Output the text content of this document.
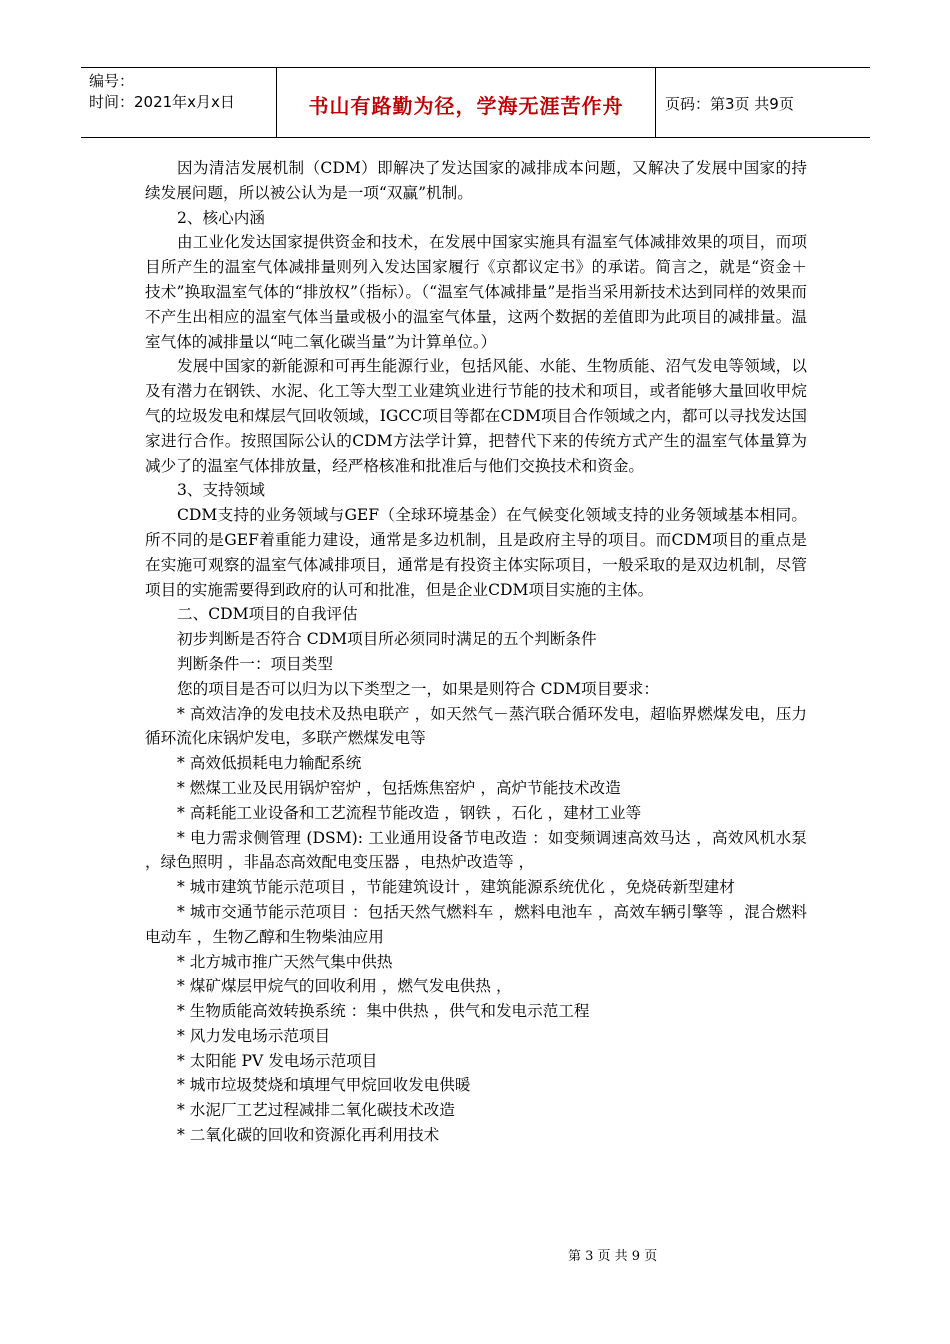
编号：
时间：2021年x月x日	书山有路勤为径，学海无涯苦作舟	页码：第3页 共9页

因为清洁发展机制（CDM）即解决了发达国家的减排成本问题，又解决了发展中国家的持续发展问题，所以被公认为是一项“双赢”机制。

2、核心内涵

由工业化发达国家提供资金和技术，在发展中国家实施具有温室气体减排效果的项目，而项目所产生的温室气体减排量则列入发达国家履行《京都议定书》的承诺。简言之，就是“资金＋技术”换取温室气体的“排放权”（指标）。（“温室气体减排量”是指当采用新技术达到同样的效果而不产生出相应的温室气体当量或极小的温室气体量，这两个数据的差值即为此项目的减排量。温室气体的减排量以“吨二氧化碳当量”为计算单位。）

发展中国家的新能源和可再生能源行业，包括风能、水能、生物质能、沼气发电等领域，以及有潜力在钢铁、水泥、化工等大型工业建筑业进行节能的技术和项目，或者能够大量回收甲烷气的垃圾发电和煤层气回收领域，IGCC项目等都在CDM项目合作领域之内，都可以寻找发达国家进行合作。按照国际公认的CDM方法学计算，把替代下来的传统方式产生的温室气体量算为减少了的温室气体排放量，经严格核准和批准后与他们交换技术和资金。

3、支持领域

CDM支持的业务领域与GEF（全球环境基金）在气候变化领域支持的业务领域基本相同。所不同的是GEF着重能力建设，通常是多边机制，且是政府主导的项目。而CDM项目的重点是在实施可观察的温室气体减排项目，通常是有投资主体实际项目，一般采取的是双边机制，尽管项目的实施需要得到政府的认可和批准，但是企业CDM项目实施的主体。

二、CDM项目的自我评估

初步判断是否符合 CDM项目所必须同时满足的五个判断条件

判断条件一：项目类型

您的项目是否可以归为以下类型之一，如果是则符合 CDM项目要求：

* 高效洁净的发电技术及热电联产 ，如天然气－蒸汽联合循环发电，超临界燃煤发电，压力循环流化床锅炉发电，多联产燃煤发电等

* 高效低损耗电力输配系统

* 燃煤工业及民用锅炉窑炉 ，包括炼焦窑炉 ，高炉节能技术改造

* 高耗能工业设备和工艺流程节能改造 ，钢铁 ，石化 ，建材工业等

* 电力需求侧管理 (DSM): 工业通用设备节电改造 ：如变频调速高效马达 ，高效风机水泵 ，绿色照明 ，非晶态高效配电变压器 ，电热炉改造等 ，

* 城市建筑节能示范项目 ，节能建筑设计 ，建筑能源系统优化 ，免烧砖新型建材

* 城市交通节能示范项目 ：包括天然气燃料车 ，燃料电池车 ，高效车辆引擎等 ，混合燃料电动车 ，生物乙醇和生物柴油应用

* 北方城市推广天然气集中供热

* 煤矿煤层甲烷气的回收利用 ，燃气发电供热 ，

* 生物质能高效转换系统 ：集中供热 ，供气和发电示范工程

* 风力发电场示范项目

* 太阳能 PV 发电场示范项目

* 城市垃圾焚烧和填埋气甲烷回收发电供暖

* 水泥厂工艺过程减排二氧化碳技术改造

* 二氧化碳的回收和资源化再利用技术

第 3 页 共 9 页
